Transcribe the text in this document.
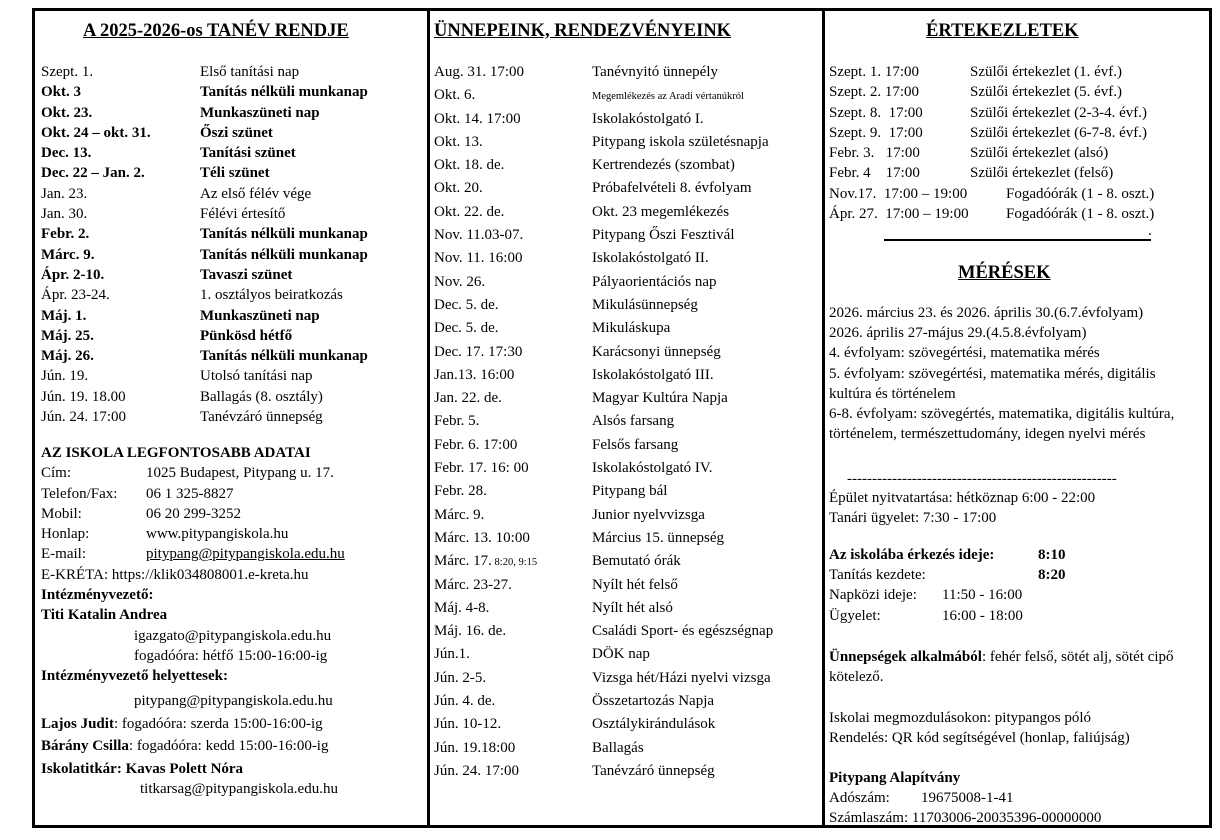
A 2025-2026-os TANÉV RENDJE
Szept. 1.	Első tanítási nap
Okt. 3	Tanítás nélküli munkanap
Okt. 23.	Munkaszüneti nap
Okt. 24 – okt. 31.	Őszi szünet
Dec. 13.	Tanítási szünet
Dec. 22 – Jan. 2.	Téli szünet
Jan. 23.	Az első félév vége
Jan. 30.	Félévi értesítő
Febr. 2.	Tanítás nélküli munkanap
Márc. 9.	Tanítás nélküli munkanap
Ápr. 2-10.	Tavaszi szünet
Ápr. 23-24.	1. osztályos beiratkozás
Máj. 1.	Munkaszüneti nap
Máj. 25.	Pünkösd hétfő
Máj. 26.	Tanítás nélküli munkanap
Jún. 19.	Utolsó tanítási nap
Jún. 19. 18.00	Ballagás (8. osztály)
Jún. 24. 17:00	Tanévzáró ünnepség
AZ ISKOLA LEGFONTOSABB ADATAI
Cím:	1025 Budapest, Pitypang u. 17.
Telefon/Fax: 06 1 325-8827
Mobil:	06 20 299-3252
Honlap:	www.pitypangiskola.hu
E-mail:	pitypang@pitypangiskola.edu.hu
E-KRÉTA: https://klik034808001.e-kreta.hu
Intézményvezető:
Titi Katalin Andrea
igazgato@pitypangiskola.edu.hu
fogadóóra: hétfő 15:00-16:00-ig
Intézményvezető helyettesek:
pitypang@pitypangiskola.edu.hu
Lajos Judit: fogadóóra: szerda 15:00-16:00-ig
Bárány Csilla: fogadóóra: kedd 15:00-16:00-ig
Iskolatitkár: Kavas Polett Nóra
titkarsag@pitypangiskola.edu.hu
ÜNNEPEINK, RENDEZVÉNYEINK
Aug. 31. 17:00	Tanévnyitó ünnepély
Okt. 6.	Megemlékezés az Aradi vértanúkról
Okt. 14. 17:00	Iskolakóstolgató I.
Okt. 13.	Pitypang iskola születésnapja
Okt. 18. de.	Kertrendezés (szombat)
Okt. 20.	Próbafelvételi 8. évfolyam
Okt. 22. de.	Okt. 23 megemlékezés
Nov. 11.03-07.	Pitypang Őszi Fesztivál
Nov. 11. 16:00	Iskolakóstolgató II.
Nov. 26.	Pályaorientációs nap
Dec. 5. de.	Mikulásünnepség
Dec. 5. de.	Mikuláskupa
Dec. 17. 17:30	Karácsonyi ünnepség
Jan.13. 16:00	Iskolakóstolgató III.
Jan. 22. de.	Magyar Kultúra Napja
Febr. 5.	Alsós farsang
Febr. 6. 17:00	Felsős farsang
Febr. 17. 16: 00	Iskolakóstolgató IV.
Febr. 28.	Pitypang bál
Márc. 9.	Junior nyelvvizsga
Márc. 13. 10:00	Március 15. ünnepség
Márc. 17. 8:20, 9:15	Bemutató órák
Márc. 23-27.	Nyílt hét felső
Máj. 4-8.	Nyílt hét alsó
Máj. 16. de.	Családi Sport- és egészségnap
Jún.1.	DÖK nap
Jún. 2-5.	Vizsga hét/Házi nyelvi vizsga
Jún. 4. de.	Összetartozás Napja
Jún. 10-12.	Osztálykirándulások
Jún. 19.18:00	Ballagás
Jún. 24. 17:00	Tanévzáró ünnepség
ÉRTEKEZLETEK
Szept. 1. 17:00	Szülői értekezlet (1. évf.)
Szept. 2. 17:00	Szülői értekezlet (5. évf.)
Szept. 8.  17:00	Szülői értekezlet (2-3-4. évf.)
Szept. 9.  17:00	Szülői értekezlet (6-7-8. évf.)
Febr. 3.   17:00	Szülői értekezlet (alsó)
Febr. 4    17:00	Szülői értekezlet (felső)
Nov.17.  17:00 – 19:00	Fogadóórák (1 - 8. oszt.)
Ápr. 27.  17:00 – 19:00 Fogadóórák (1 - 8. oszt.)
.
MÉRÉSEK
2026. március 23. és 2026. április 30.(6.7.évfolyam)
2026. április 27-május 29.(4.5.8.évfolyam)
4. évfolyam: szövegértési, matematika mérés
5. évfolyam: szövegértési, matematika mérés, digitális kultúra és történelem
6-8. évfolyam: szövegértés, matematika, digitális kultúra, történelem, természettudomány, idegen nyelvi mérés
------------------------------------------------------
Épület nyitvatartása: hétköznap 6:00 - 22:00
Tanári ügyelet: 7:30 - 17:00
Az iskolába érkezés ideje:	8:10
Tanítás kezdete:	8:20
Napközi ideje: 11:50 - 16:00
Ügyelet:	16:00 - 18:00
Ünnepségek alkalmából: fehér felső, sötét alj, sötét cipő kötelező.
Iskolai megmozdulásokon: pitypangos póló
Rendelés: QR kód segítségével (honlap, faliújság)
Pitypang Alapítvány
Adószám: 19675008-1-41
Számlaszám: 11703006-20035396-00000000
